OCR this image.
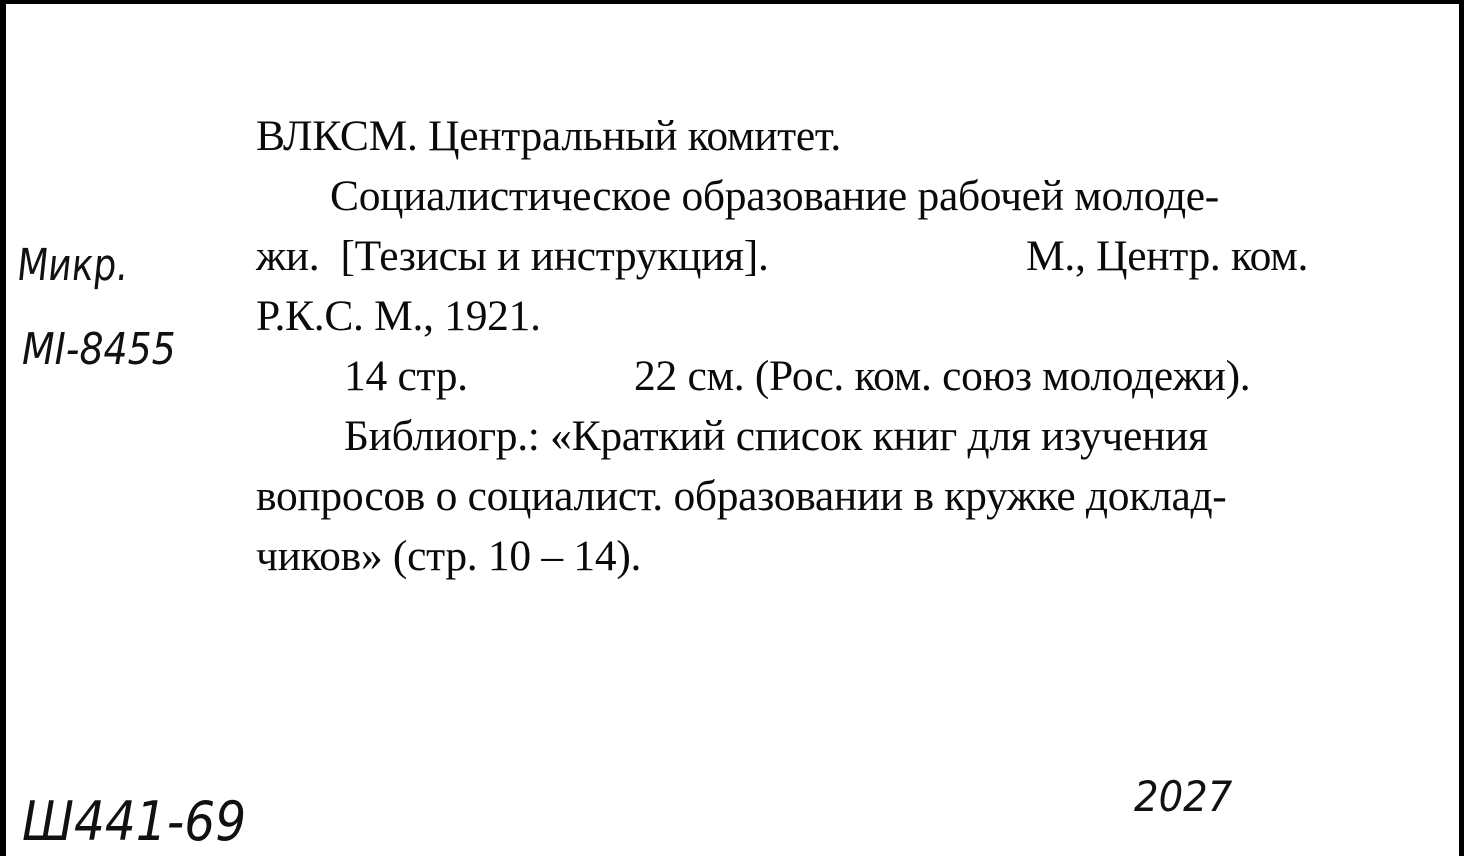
ВЛКСМ. Центральный комитет.

Социалистическое образование рабочей молоде-

жи.  [Тезисы и инструкция].

	М., Центр. ком.

Р.К.С. М., 1921.

14 стр.

	22 см. (Рос. ком. союз молодежи).

Библиогр.: «Краткий список книг для изучения

вопросов о социалист. образовании в кружке доклад-

чиков» (стр. 10 – 14).

Микр.
MI-8455
Ш441-69	2027
